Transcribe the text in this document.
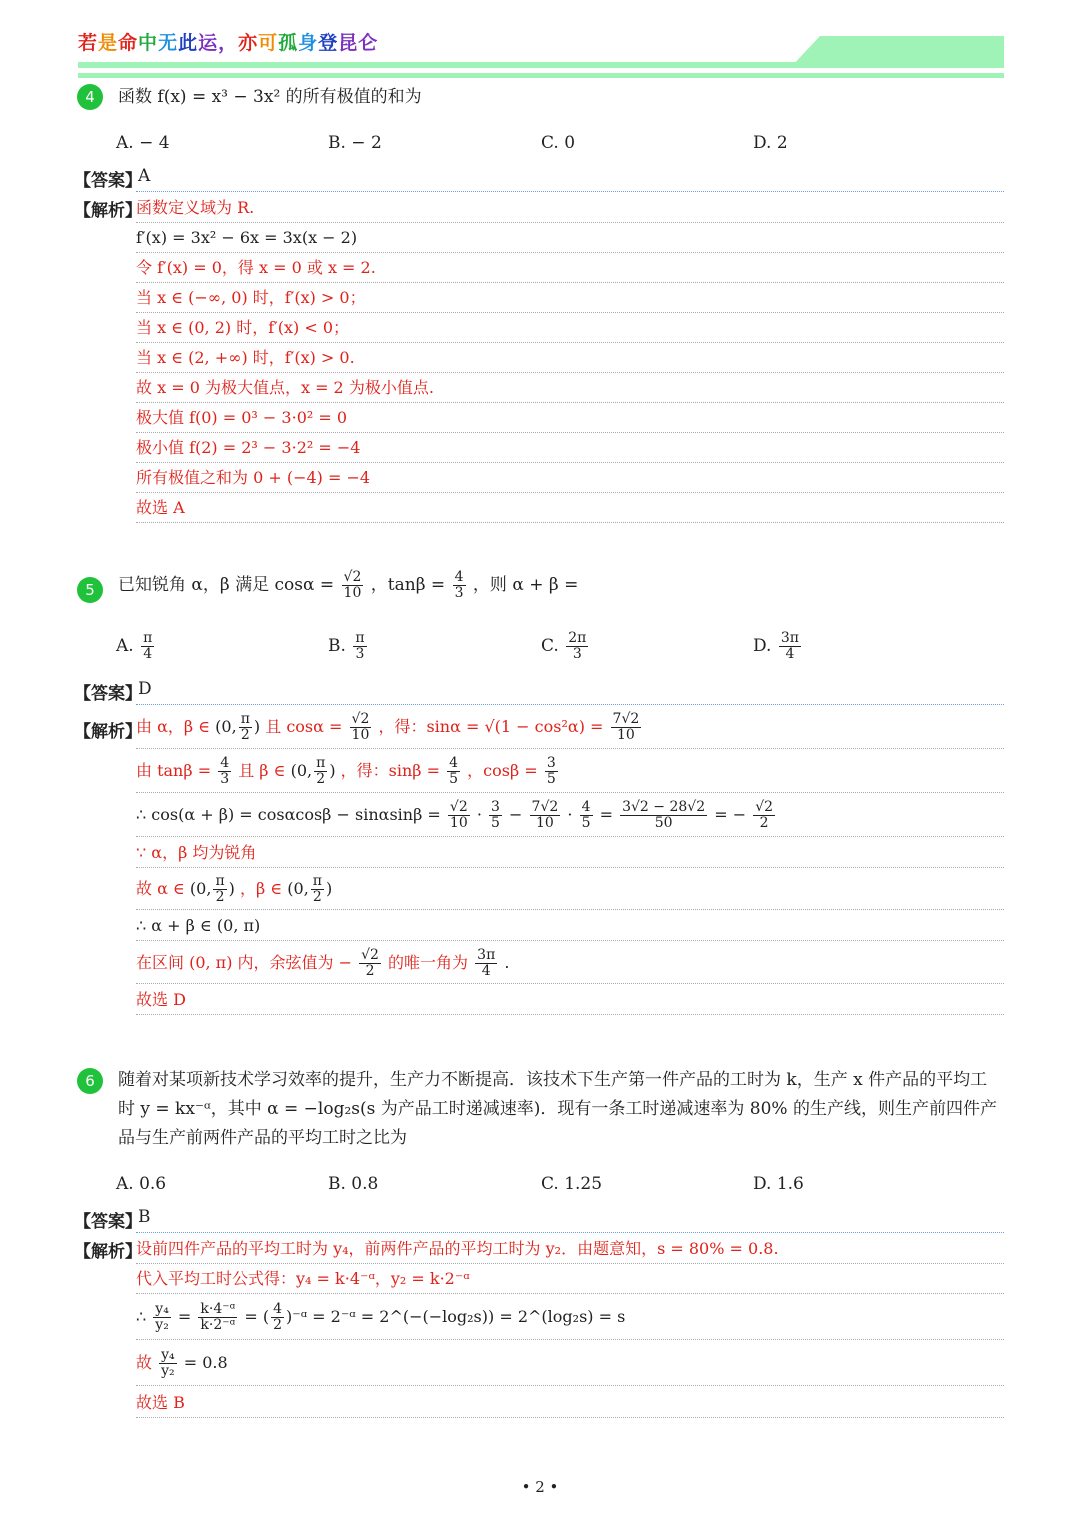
若是命中无此运，亦可孤身登昆仑
4	函数 f(x) = x³ − 3x² 的所有极值的和为
A. − 4	B. − 2	C. 0	D. 2
【答案】
A
【解析】
函数定义域为 R.
f′(x) = 3x² − 6x = 3x(x − 2)
令 f′(x) = 0，得 x = 0 或 x = 2.
当 x ∈ (−∞, 0) 时，f′(x) > 0；
当 x ∈ (0, 2) 时，f′(x) < 0；
当 x ∈ (2, +∞) 时，f′(x) > 0.
故 x = 0 为极大值点，x = 2 为极小值点.
极大值 f(0) = 0³ − 3·0² = 0
极小值 f(2) = 2³ − 3·2² = −4
所有极值之和为 0 + (−4) = −4
故选 A
5	已知锐角 α，β 满足 $\cos\alpha = \frac{√2}{10}$ ，$\tan\beta = \frac{4}{3}$ ，则 α + β =
A. $\frac{\pi}{4}$	B. $\frac{\pi}{3}$	C. $\frac{2\pi}{3}$	D. $\frac{3\pi}{4}$
【答案】
D
【解析】
由 α，β ∈ (0, $\frac{\pi}{2}$ ) 且 $\cos\alpha = \frac{√2}{10}$ ，得：$\sin\alpha = √(1 - \cos^2\alpha) = \frac{7√2}{10}$
由 $\tan\beta = \frac{4}{3}$ 且 β ∈ (0, $\frac{\pi}{2}$ ) ，得：$\sin\beta = \frac{4}{5}$ ，$\cos\beta = \frac{3}{5}$
∴ $\cos(\alpha + \beta) = \cos\alpha\cos\beta - \sin\alpha\sin\beta = \frac{√2}{10} \cdot \frac{3}{5} - \frac{7√2}{10} \cdot \frac{4}{5} = \frac{3√2 - 28√2}{50}$ = − $\frac{√2}{2}$
∵ α，β 均为锐角
故 α ∈ (0, $\frac{\pi}{2}$ ) ，β ∈ (0, $\frac{\pi}{2}$ )
∴ α + β ∈ (0, π)
在区间 (0, π) 内，余弦值为 − $\frac{√2}{2}$ 的唯一角为 $\frac{3\pi}{4}$ .
故选 D
6	随着对某项新技术学习效率的提升，生产力不断提高．该技术下生产第一件产品的工时为 k，生产 x 件产品的平均工时 y = kx⁻ᵅ，其中 α = −log₂s(s 为产品工时递减速率)．现有一条工时递减速率为 80% 的生产线，则生产前四件产品与生产前两件产品的平均工时之比为
A. 0.6	B. 0.8	C. 1.25	D. 1.6
【答案】
B
【解析】
设前四件产品的平均工时为 y₄，前两件产品的平均工时为 y₂．由题意知，s = 80% = 0.8.
代入平均工时公式得：y₄ = k·4⁻ᵅ，y₂ = k·2⁻ᵅ
∴ $\frac{\text{y₄}}{\text{y₂}} = \frac{\text{k·4⁻ᵅ}}{\text{k·2⁻ᵅ}}$ = ( $\frac{4}{2}$ )⁻ᵅ = 2⁻ᵅ = 2^(−(−log₂s)) = 2^(log₂s) = s
故 $\frac{\text{y₄}}{\text{y₂}} = 0.8$
故选 B
• 2 •
